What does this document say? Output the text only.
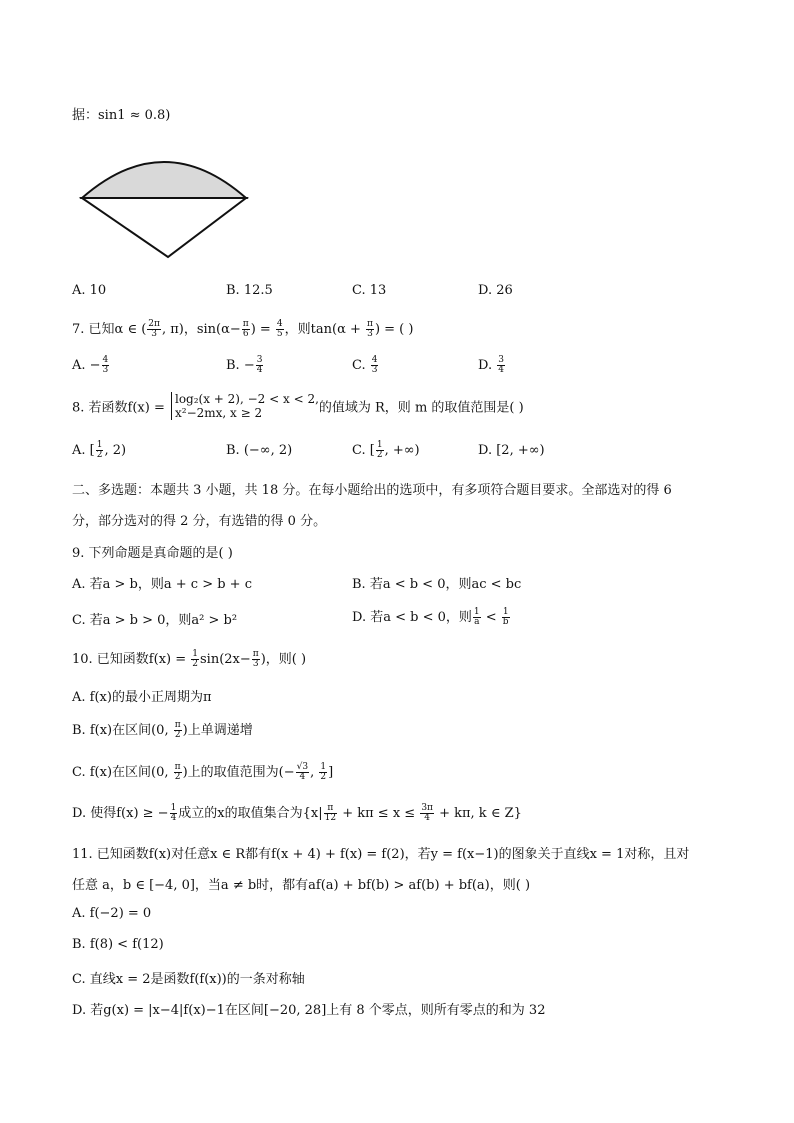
据：sin1 ≈ 0.8)
A. 10	B. 12.5	C. 13	D. 26
7. 已知α ∈ ( $\frac{2\pi}{3}$ , π)，$\sin(\alpha- \frac{\pi}{6}$ ) = $\frac{4}{5}$ ，则$\tan(\alpha + \frac{\pi}{3}$ ) = ( )
A. − $\frac{4}{3}$	B. − $\frac{3}{4}$	C. $\frac{4}{3}$	D. $\frac{3}{4}$
8. 若函数f(x) =
log₂(x + 2), −2 < x < 2,
x²−2mx, x ≥ 2	的值域为 R，则 m 的取值范围是( )
A. [ $\frac{1}{2}$ , 2)	B. (−∞, 2)	C. [ $\frac{1}{2}$ , +∞)	D. [2, +∞)
二、多选题：本题共 3 小题，共 18 分。在每小题给出的选项中，有多项符合题目要求。全部选对的得 6
分，部分选对的得 2 分，有选错的得 0 分。
9. 下列命题是真命题的是( )
A. 若a > b，则a + c > b + c	B. 若a < b < 0，则ac < bc
C. 若a > b > 0，则a² > b²	D. 若a < b < 0，则 $\frac{1}{a} < \frac{1}{b}$
10. 已知函数$f(x) = \frac{1}{2} \sin(2x- \frac{\pi}{3}$ )，则( )
A. f(x)的最小正周期为π
B. f(x)在区间(0, $\frac{\pi}{2}$ )上单调递增
C. f(x)在区间(0, $\frac{\pi}{2}$ )上的取值范围为(− $\frac{√3}{4}$ , $\frac{1}{2}$ ]
D. 使得f(x) ≥ − $\frac{1}{4}$ 成立的x的取值集合为{$x| \frac{\pi}{12} + k\pi \le x \le \frac{3\pi}{4} + k\pi$, k ∈ Z}
11. 已知函数f(x)对任意x ∈ R都有f(x + 4) + f(x) = f(2)，若y = f(x−1)的图象关于直线x = 1对称，且对
任意 a，b ∈ [−4, 0]，当a ≠ b时，都有af(a) + bf(b) > af(b) + bf(a)，则( )
A. f(−2) = 0
B. f(8) < f(12)
C. 直线x = 2是函数f(f(x))的一条对称轴
D. 若g(x) = |x−4|f(x)−1在区间[−20, 28]上有 8 个零点，则所有零点的和为 32
